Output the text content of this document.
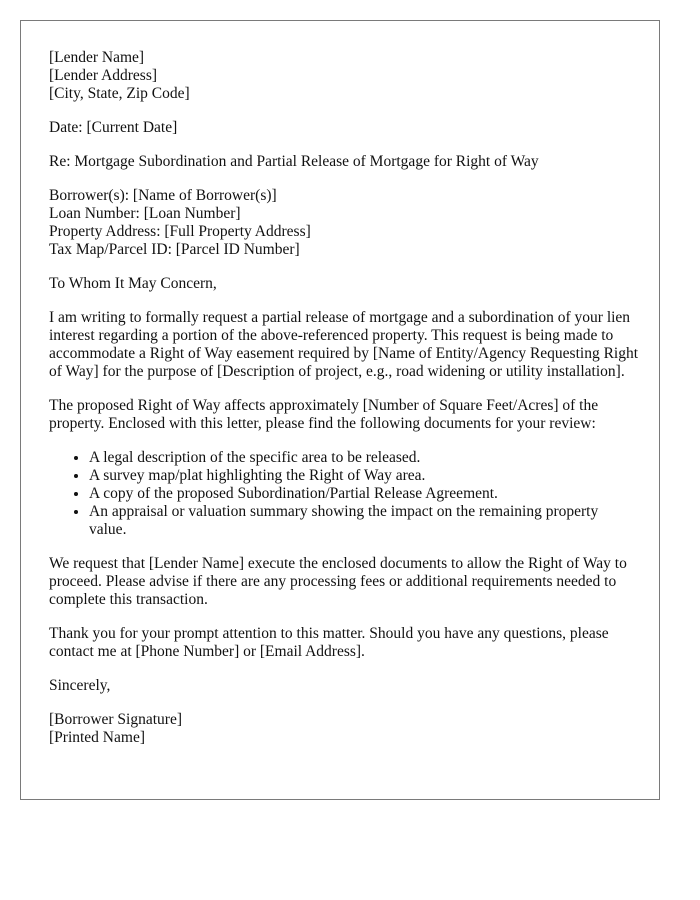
[Lender Name]
[Lender Address]
[City, State, Zip Code]

Date: [Current Date]

Re: Mortgage Subordination and Partial Release of Mortgage for Right of Way

Borrower(s): [Name of Borrower(s)]
Loan Number: [Loan Number]
Property Address: [Full Property Address]
Tax Map/Parcel ID: [Parcel ID Number]

To Whom It May Concern,

I am writing to formally request a partial release of mortgage and a subordination of your lien interest regarding a portion of the above-referenced property. This request is being made to accommodate a Right of Way easement required by [Name of Entity/Agency Requesting Right of Way] for the purpose of [Description of project, e.g., road widening or utility installation].

The proposed Right of Way affects approximately [Number of Square Feet/Acres] of the property. Enclosed with this letter, please find the following documents for your review:

• A legal description of the specific area to be released.
• A survey map/plat highlighting the Right of Way area.
• A copy of the proposed Subordination/Partial Release Agreement.
• An appraisal or valuation summary showing the impact on the remaining property value.

We request that [Lender Name] execute the enclosed documents to allow the Right of Way to proceed. Please advise if there are any processing fees or additional requirements needed to complete this transaction.

Thank you for your prompt attention to this matter. Should you have any questions, please contact me at [Phone Number] or [Email Address].

Sincerely,

[Borrower Signature]
[Printed Name]
